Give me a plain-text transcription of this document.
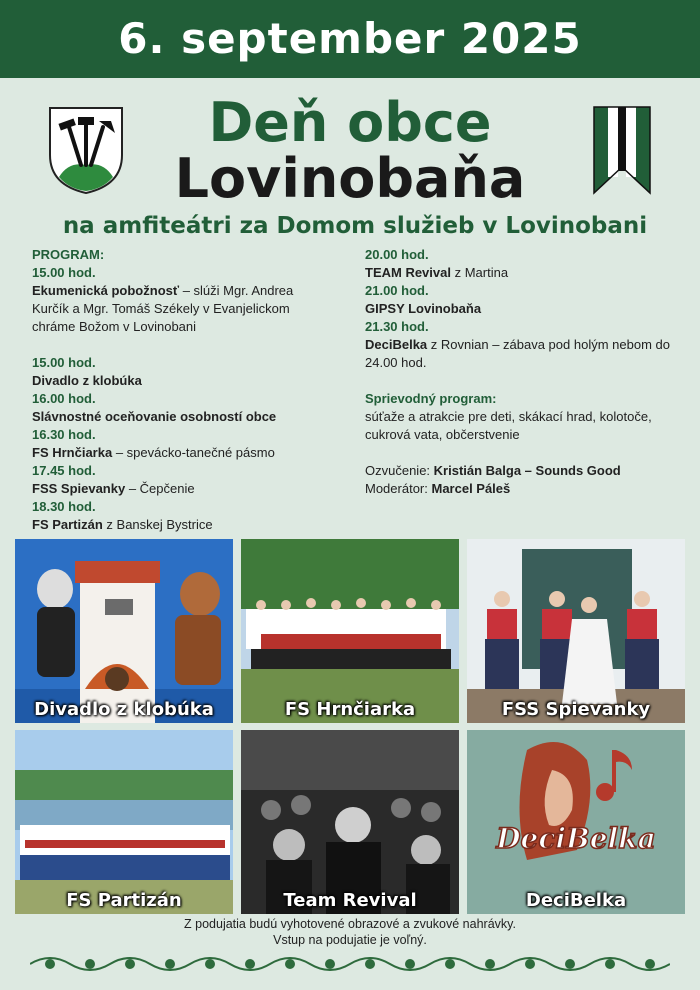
6. september 2025
Deň obce
Lovinobaňa
na amfiteátri za Domom služieb v Lovinobani

PROGRAM:

15.00 hod.

Ekumenická pobožnosť – slúži Mgr. Andrea Kurčík a Mgr. Tomáš Székely v Evanjelickom chráme Božom v Lovinobani

15.00 hod.

Divadlo z klobúka

16.00 hod.

Slávnostné oceňovanie osobností obce

16.30 hod.

FS Hrnčiarka – spevácko-tanečné pásmo

17.45 hod.

FSS Spievanky – Čepčenie

18.30 hod.

FS Partizán z Banskej Bystrice

20.00 hod.

TEAM Revival z Martina

21.00 hod.

GIPSY Lovinobaňa

21.30 hod.

DeciBelka z Rovnian – zábava pod holým nebom do 24.00 hod.

Sprievodný program:

súťaže a atrakcie pre deti, skákací hrad, kolotoče, cukrová vata, občerstvenie

Ozvučenie: Kristián Balga – Sounds Good

Moderátor: Marcel Páleš

Divadlo z klobúka	FS Hrnčiarka	FSS Spievanky
FS Partizán	Team Revival
DeciBelka
DeciBelka
Z podujatia budú vyhotovené obrazové a zvukové nahrávky.
Vstup na podujatie je voľný.
